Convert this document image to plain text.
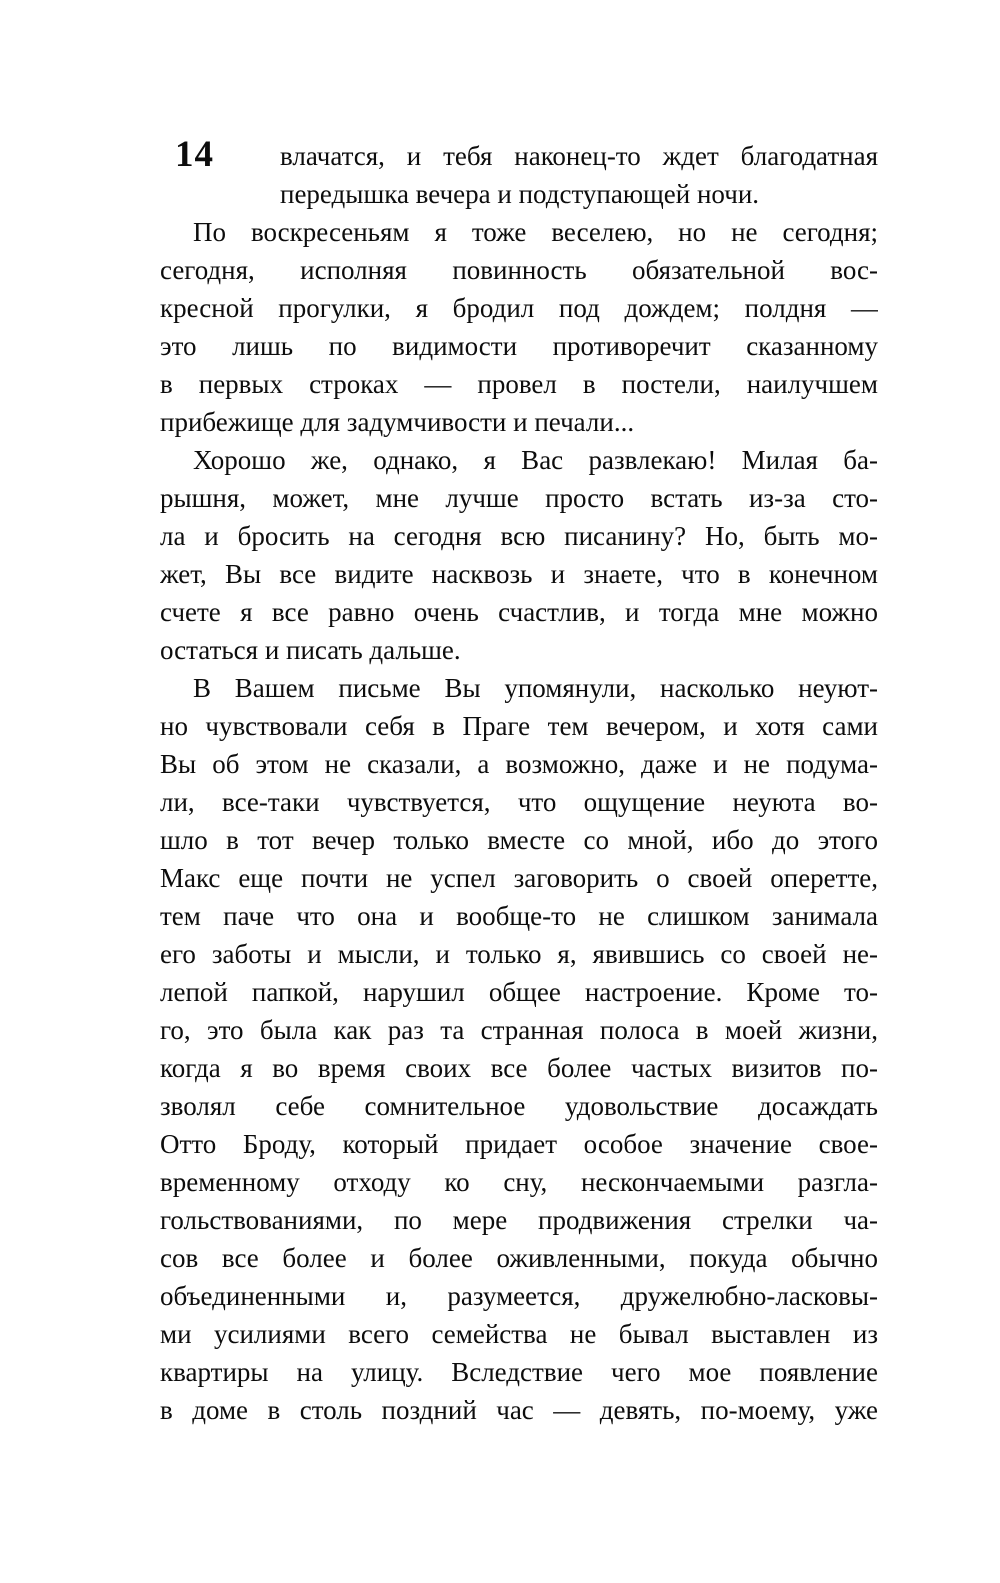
14	влачатся, и тебя наконец-то ждет благодатная
передышка вечера и подступающей ночи.
По воскресеньям я тоже веселею, но не сегодня;
сегодня, исполняя повинность обязательной вос-
кресной прогулки, я бродил под дождем; полдня —
это лишь по видимости противоречит сказанному
в первых строках — провел в постели, наилучшем
прибежище для задумчивости и печали...
Хорошо же, однако, я Вас развлекаю! Милая ба-
рышня, может, мне лучше просто встать из-за сто-
ла и бросить на сегодня всю писанину? Но, быть мо-
жет, Вы все видите насквозь и знаете, что в конечном
счете я все равно очень счастлив, и тогда мне можно
остаться и писать дальше.
В Вашем письме Вы упомянули, насколько неуют-
но чувствовали себя в Праге тем вечером, и хотя сами
Вы об этом не сказали, а возможно, даже и не подума-
ли, все-таки чувствуется, что ощущение неуюта во-
шло в тот вечер только вместе со мной, ибо до этого
Макс еще почти не успел заговорить о своей оперетте,
тем паче что она и вообще-то не слишком занимала
его заботы и мысли, и только я, явившись со своей не-
лепой папкой, нарушил общее настроение. Кроме то-
го, это была как раз та странная полоса в моей жизни,
когда я во время своих все более частых визитов по-
зволял себе сомнительное удовольствие досаждать
Отто Броду, который придает особое значение свое-
временному отходу ко сну, нескончаемыми разгла-
гольствованиями, по мере продвижения стрелки ча-
сов все более и более оживленными, покуда обычно
объединенными и, разумеется, дружелюбно-ласковы-
ми усилиями всего семейства не бывал выставлен из
квартиры на улицу. Вследствие чего мое появление
в доме в столь поздний час — девять, по-моему, уже
